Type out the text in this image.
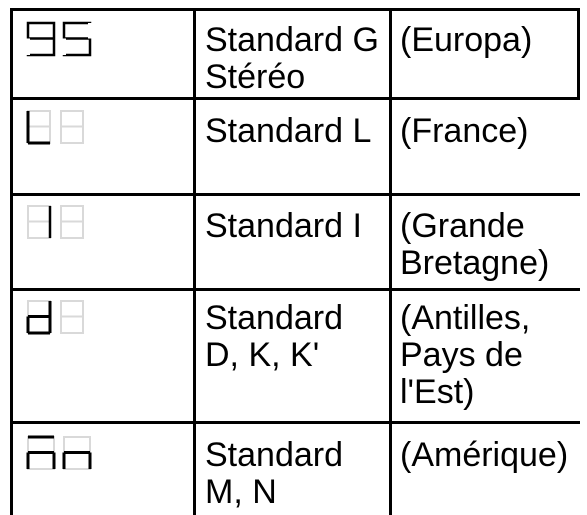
Standard G
Stéréo
(Europa)
Standard L (France)
Standard I	(Grande
Bretagne)
Standard
D, K, K'
(Antilles,
Pays de
l'Est)
Standard
M, N
(Amérique)
